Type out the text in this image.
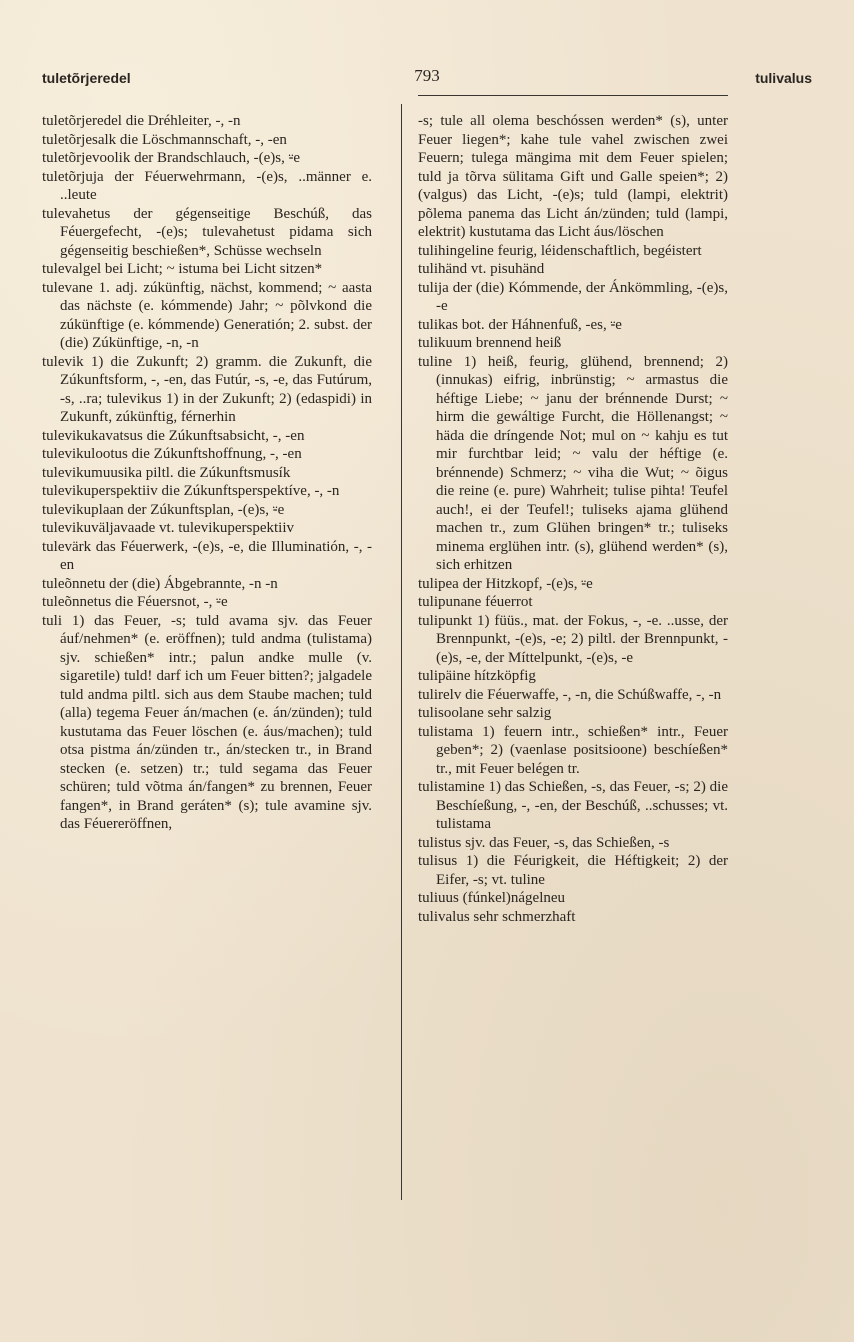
tuletõrjeredel	793	tulivalus

tuletõrjeredel die Dréhleiter, -, -n

tuletõrjesalk die Löschmannschaft, -, -en

tuletõrjevoolik der Brandschlauch, -(e)s, ⸚e

tuletõrjuja der Féuerwehrmann, -(e)s, ..männer e. ..leute

tulevahetus der gégenseitige Beschúß, das Féuergefecht, -(e)s; tulevahetust pidama sich gégenseitig beschießen*, Schüsse wechseln

tulevalgel bei Licht; ~ istuma bei Licht sitzen*

tulevane 1. adj. zúkünftig, nächst, kommend; ~ aasta das nächste (e. kómmende) Jahr; ~ põlvkond die zúkünftige (e. kómmende) Generatión; 2. subst. der (die) Zúkünftige, -n, -n

tulevik 1) die Zukunft; 2) gramm. die Zukunft, die Zúkunftsform, -, -en, das Futúr, -s, -e, das Futúrum, -s, ..ra; tulevikus 1) in der Zukunft; 2) (edaspidi) in Zukunft, zúkünftig, férnerhin

tulevikukavatsus die Zúkunftsabsicht, -, -en

tulevikulootus die Zúkunftshoffnung, -, -en

tulevikumuusika piltl. die Zúkunftsmusík

tulevikuperspektiiv die Zúkunftsperspektíve, -, -n

tulevikuplaan der Zúkunftsplan, -(e)s, ⸚e

tulevikuväljavaade vt. tulevikuperspektiiv

tulevärk das Féuerwerk, -(e)s, -e, die Illuminatión, -, -en

tuleõnnetu der (die) Ábgebrannte, -n -n

tuleõnnetus die Féuersnot, -, ⸚e

tuli 1) das Feuer, -s; tuld avama sjv. das Feuer áuf/nehmen* (e. eröffnen); tuld andma (tulistama) sjv. schießen* intr.; palun andke mulle (v. sigaretile) tuld! darf ich um Feuer bitten?; jalgadele tuld andma piltl. sich aus dem Staube machen; tuld (alla) tegema Feuer án/machen (e. án/zünden); tuld kustutama das Feuer löschen (e. áus/machen); tuld otsa pistma án/zünden tr., án/stecken tr., in Brand stecken (e. setzen) tr.; tuld segama das Feuer schüren; tuld võtma án/fangen* zu brennen, Feuer fangen*, in Brand geráten* (s); tule avamine sjv. das Féuereröffnen,

-s; tule all olema beschóssen werden* (s), unter Feuer liegen*; kahe tule vahel zwischen zwei Feuern; tulega mängima mit dem Feuer spielen; tuld ja tõrva sülitama Gift und Galle speien*; 2) (valgus) das Licht, -(e)s; tuld (lampi, elektrit) põlema panema das Licht án/zünden; tuld (lampi, elektrit) kustutama das Licht áus/löschen

tulihingeline feurig, léidenschaftlich, begéistert

tulihänd vt. pisuhänd

tulija der (die) Kómmende, der Ánkömmling, -(e)s, -e

tulikas bot. der Háhnenfuß, -es, ⸚e

tulikuum brennend heiß

tuline 1) heiß, feurig, glühend, brennend; 2) (innukas) eifrig, inbrünstig; ~ armastus die héftige Liebe; ~ janu der brénnende Durst; ~ hirm die gewáltige Furcht, die Höllenangst; ~ häda die dríngende Not; mul on ~ kahju es tut mir furchtbar leid; ~ valu der héftige (e. brénnende) Schmerz; ~ viha die Wut; ~ õigus die reine (e. pure) Wahrheit; tulise pihta! Teufel auch!, ei der Teufel!; tuliseks ajama glühend machen tr., zum Glühen bringen* tr.; tuliseks minema erglühen intr. (s), glühend werden* (s), sich erhitzen

tulipea der Hitzkopf, -(e)s, ⸚e

tulipunane féuerrot

tulipunkt 1) füüs., mat. der Fokus, -, -e. ..usse, der Brennpunkt, -(e)s, -e; 2) piltl. der Brennpunkt, -(e)s, -e, der Míttelpunkt, -(e)s, -e

tulipäine hítzköpfig

tulirelv die Féuerwaffe, -, -n, die Schúßwaffe, -, -n

tulisoolane sehr salzig

tulistama 1) feuern intr., schießen* intr., Feuer geben*; 2) (vaenlase positsioone) beschíeßen* tr., mit Feuer belégen tr.

tulistamine 1) das Schießen, -s, das Feuer, -s; 2) die Beschíeßung, -, -en, der Beschúß, ..schusses; vt. tulistama

tulistus sjv. das Feuer, -s, das Schießen, -s

tulisus 1) die Féurigkeit, die Héftigkeit; 2) der Eifer, -s; vt. tuline

tuliuus (fúnkel)nágelneu

tulivalus sehr schmerzhaft
